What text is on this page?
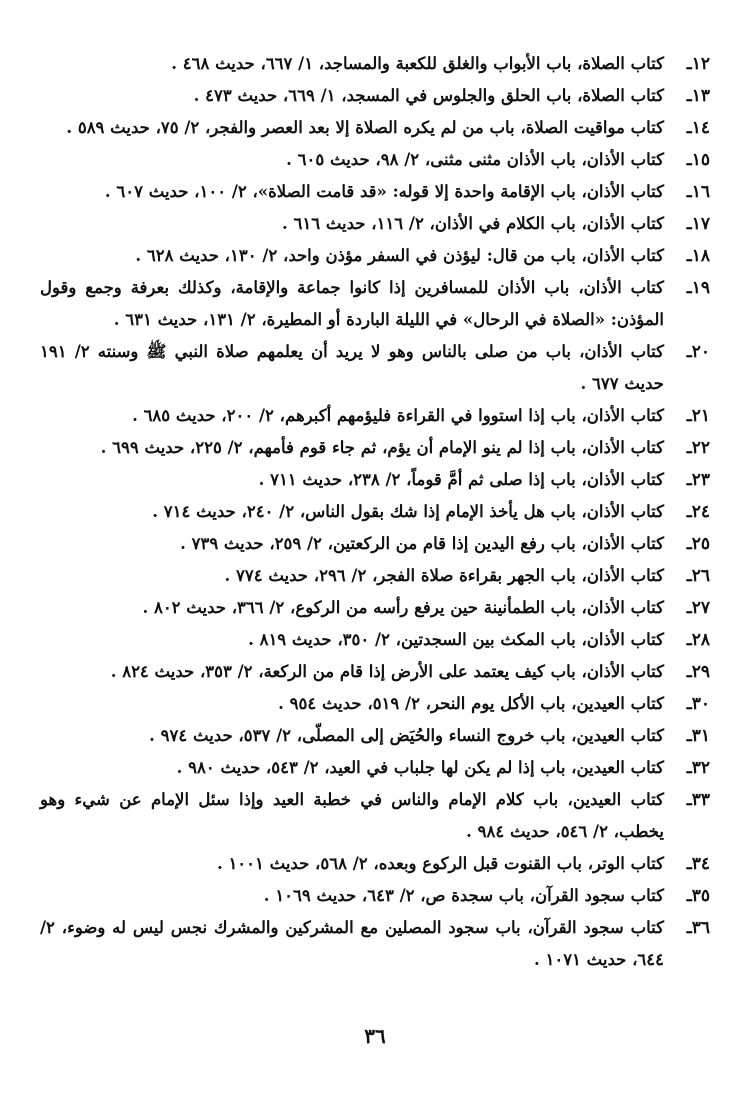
١٢ـ
كتاب الصلاة، باب الأبواب والغلق للكعبة والمساجد، ١/ ٦٦٧، حديث ٤٦٨ .
١٣ـ
كتاب الصلاة، باب الحلق والجلوس في المسجد، ١/ ٦٦٩، حديث ٤٧٣ .
١٤ـ
كتاب مواقيت الصلاة، باب من لم يكره الصلاة إلا بعد العصر والفجر، ٢/ ٧٥، حديث ٥٨٩ .
١٥ـ
كتاب الأذان، باب الأذان مثنى مثنى، ٢/ ٩٨، حديث ٦٠٥ .
١٦ـ
كتاب الأذان، باب الإقامة واحدة إلا قوله: «قد قامت الصلاة»، ٢/ ١٠٠، حديث ٦٠٧ .
١٧ـ
كتاب الأذان، باب الكلام في الأذان، ٢/ ١١٦، حديث ٦١٦ .
١٨ـ
كتاب الأذان، باب من قال: ليؤذن في السفر مؤذن واحد، ٢/ ١٣٠، حديث ٦٢٨ .
١٩ـ
كتاب الأذان، باب الأذان للمسافرين إذا كانوا جماعة والإقامة، وكذلك بعرفة وجمع وقول المؤذن: «الصلاة في الرحال» في الليلة الباردة أو المطيرة، ٢/ ١٣١، حديث ٦٣١ .
٢٠ـ
كتاب الأذان، باب من صلى بالناس وهو لا يريد أن يعلمهم صلاة النبي ﷺ وسنته ٢/ ١٩١ حديث ٦٧٧ .
٢١ـ
كتاب الأذان، باب إذا استووا في القراءة فليؤمهم أكبرهم، ٢/ ٢٠٠، حديث ٦٨٥ .
٢٢ـ
كتاب الأذان، باب إذا لم ينو الإمام أن يؤم، ثم جاء قوم فأمهم، ٢/ ٢٢٥، حديث ٦٩٩ .
٢٣ـ
كتاب الأذان، باب إذا صلى ثم أمَّ قوماً، ٢/ ٢٣٨، حديث ٧١١ .
٢٤ـ
كتاب الأذان، باب هل يأخذ الإمام إذا شك بقول الناس، ٢/ ٢٤٠، حديث ٧١٤ .
٢٥ـ
كتاب الأذان، باب رفع اليدين إذا قام من الركعتين، ٢/ ٢٥٩، حديث ٧٣٩ .
٢٦ـ
كتاب الأذان، باب الجهر بقراءة صلاة الفجر، ٢/ ٢٩٦، حديث ٧٧٤ .
٢٧ـ
كتاب الأذان، باب الطمأنينة حين يرفع رأسه من الركوع، ٢/ ٣٦٦، حديث ٨٠٢ .
٢٨ـ
كتاب الأذان، باب المكث بين السجدتين، ٢/ ٣٥٠، حديث ٨١٩ .
٢٩ـ
كتاب الأذان، باب كيف يعتمد على الأرض إذا قام من الركعة، ٢/ ٣٥٣، حديث ٨٢٤ .
٣٠ـ
كتاب العيدين، باب الأكل يوم النحر، ٢/ ٥١٩، حديث ٩٥٤ .
٣١ـ
كتاب العيدين، باب خروج النساء والحُيَض إلى المصلّى، ٢/ ٥٣٧، حديث ٩٧٤ .
٣٢ـ
كتاب العيدين، باب إذا لم يكن لها جلباب في العيد، ٢/ ٥٤٣، حديث ٩٨٠ .
٣٣ـ
كتاب العيدين، باب كلام الإمام والناس في خطبة العيد وإذا سئل الإمام عن شيء وهو يخطب، ٢/ ٥٤٦، حديث ٩٨٤ .
٣٤ـ
كتاب الوتر، باب القنوت قبل الركوع وبعده، ٢/ ٥٦٨، حديث ١٠٠١ .
٣٥ـ
كتاب سجود القرآن، باب سجدة ص، ٢/ ٦٤٣، حديث ١٠٦٩ .
٣٦ـ
كتاب سجود القرآن، باب سجود المصلين مع المشركين والمشرك نجس ليس له وضوء، ٢/ ٦٤٤، حديث ١٠٧١ .
٣٦
